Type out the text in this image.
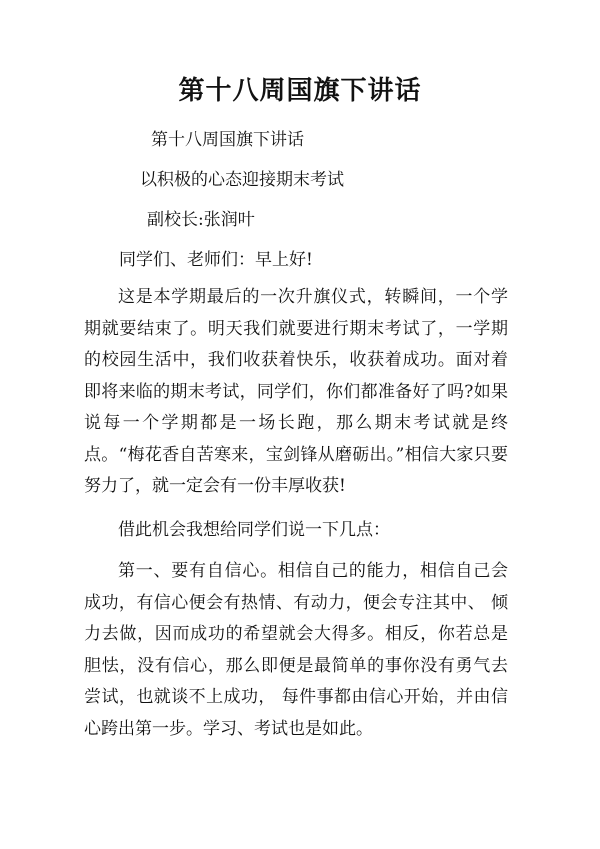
第十八周国旗下讲话

第十八周国旗下讲话

以积极的心态迎接期末考试

副校长:张润叶

同学们、老师们：早上好!

这是本学期最后的一次升旗仪式，转瞬间，一个学期就要结束了。明天我们就要进行期末考试了，一学期的校园生活中，我们收获着快乐，收获着成功。面对着即将来临的期末考试，同学们，你们都准备好了吗?如果说每一个学期都是一场长跑，那么期末考试就是终点。“梅花香自苦寒来，宝剑锋从磨砺出。”相信大家只要努力了，就一定会有一份丰厚收获!

借此机会我想给同学们说一下几点：

第一、要有自信心。相信自己的能力，相信自己会成功，有信心便会有热情、有动力，便会专注其中、 倾力去做，因而成功的希望就会大得多。相反，你若总是胆怯，没有信心，那么即便是最简单的事你没有勇气去尝试，也就谈不上成功， 每件事都由信心开始，并由信心跨出第一步。学习、考试也是如此。
